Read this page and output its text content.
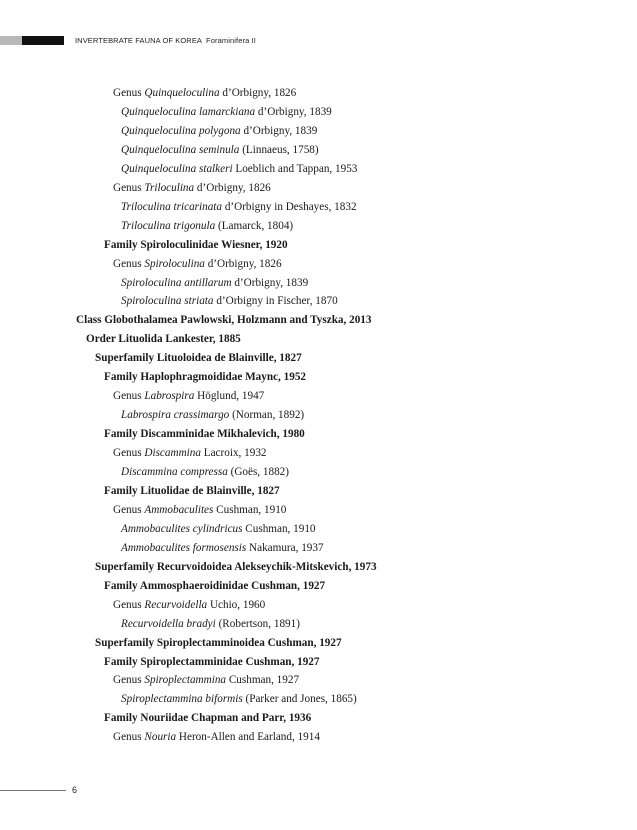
INVERTEBRATE FAUNA OF KOREA Foraminifera II
Genus Quinqueloculina d’Orbigny, 1826
Quinqueloculina lamarckiana d’Orbigny, 1839
Quinqueloculina polygona d’Orbigny, 1839
Quinqueloculina seminula (Linnaeus, 1758)
Quinqueloculina stalkeri Loeblich and Tappan, 1953
Genus Triloculina d’Orbigny, 1826
Triloculina tricarinata d’Orbigny in Deshayes, 1832
Triloculina trigonula (Lamarck, 1804)
Family Spiroloculinidae Wiesner, 1920
Genus Spiroloculina d’Orbigny, 1826
Spiroloculina antillarum d’Orbigny, 1839
Spiroloculina striata d’Orbigny in Fischer, 1870
Class Globothalamea Pawlowski, Holzmann and Tyszka, 2013
Order Lituolida Lankester, 1885
Superfamily Lituoloidea de Blainville, 1827
Family Haplophragmoididae Maync, 1952
Genus Labrospira Höglund, 1947
Labrospira crassimargo (Norman, 1892)
Family Discamminidae Mikhalevich, 1980
Genus Discammina Lacroix, 1932
Discammina compressa (Goës, 1882)
Family Lituolidae de Blainville, 1827
Genus Ammobaculites Cushman, 1910
Ammobaculites cylindricus Cushman, 1910
Ammobaculites formosensis Nakamura, 1937
Superfamily Recurvoidoidea Alekseychik-Mitskevich, 1973
Family Ammosphaeroidinidae Cushman, 1927
Genus Recurvoidella Uchio, 1960
Recurvoidella bradyi (Robertson, 1891)
Superfamily Spiroplectamminoidea Cushman, 1927
Family Spiroplectamminidae Cushman, 1927
Genus Spiroplectammina Cushman, 1927
Spiroplectammina biformis (Parker and Jones, 1865)
Family Nouriidae Chapman and Parr, 1936
Genus Nouria Heron-Allen and Earland, 1914
6
